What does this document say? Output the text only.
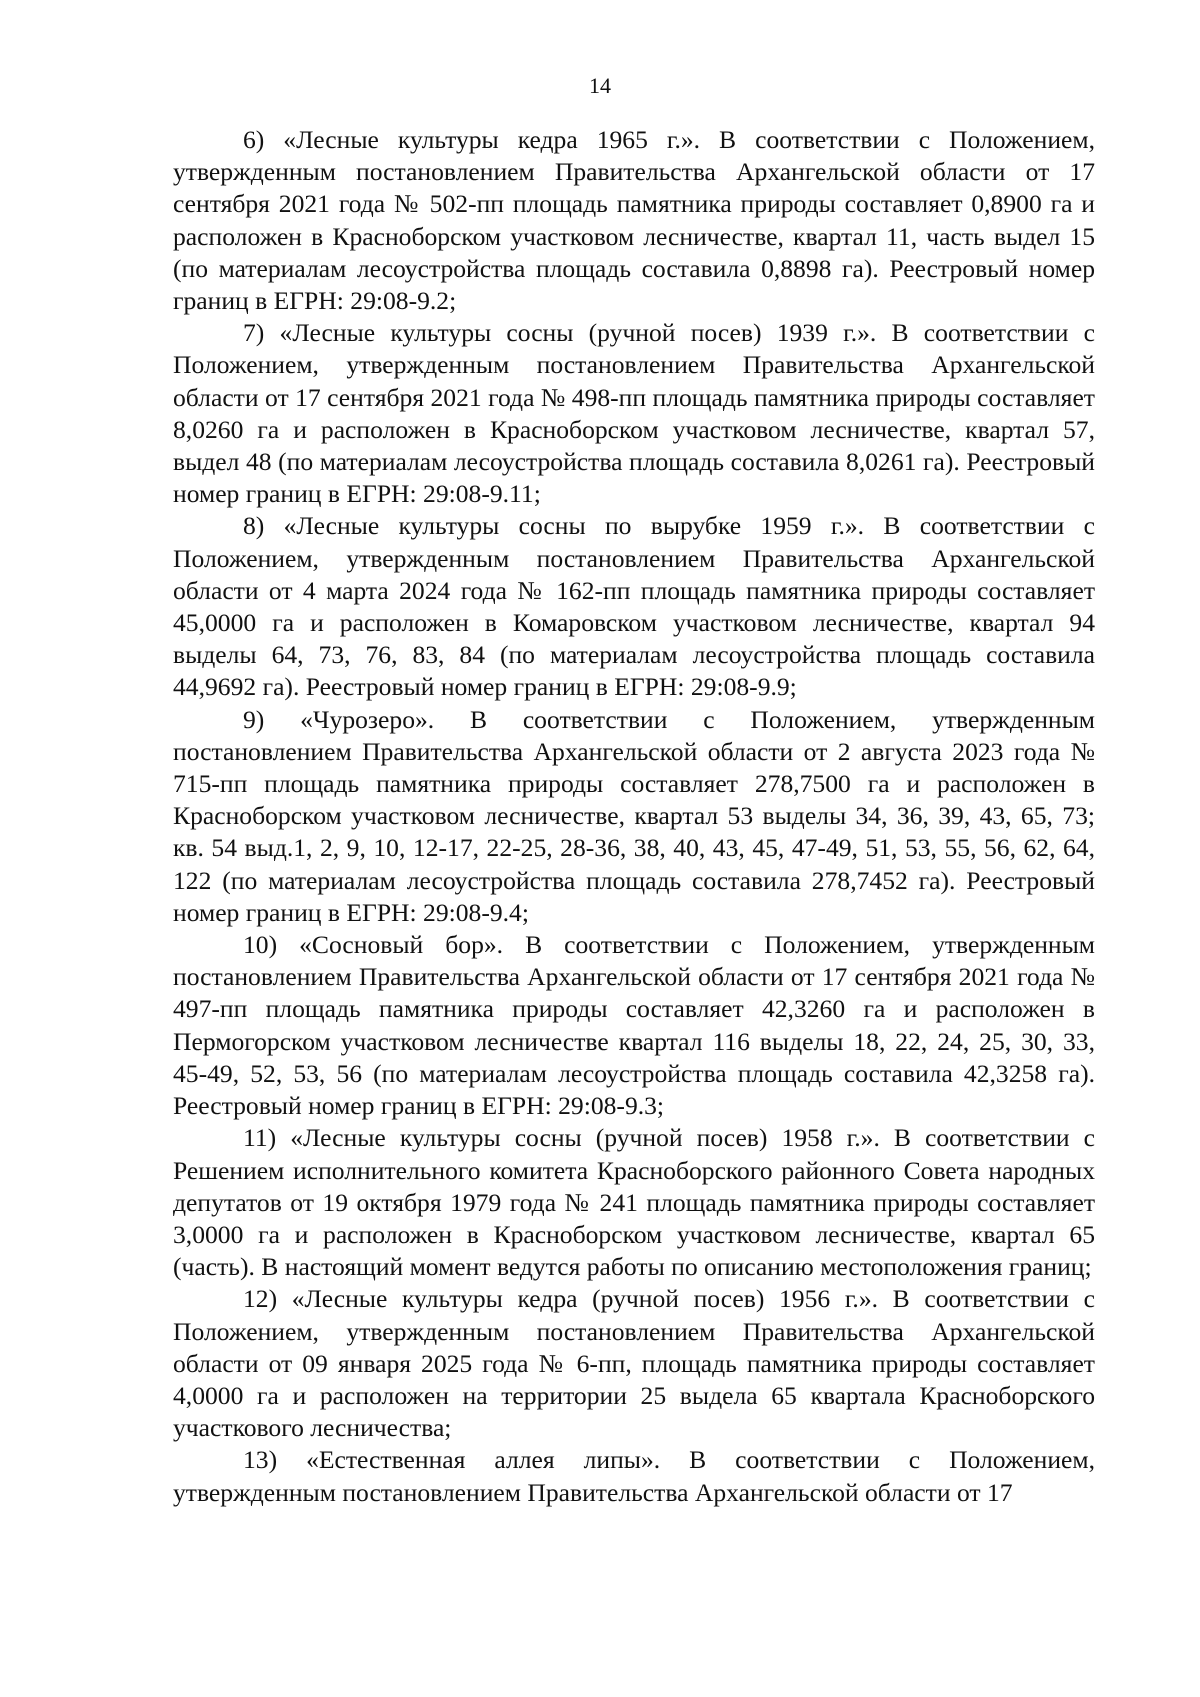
14

6) «Лесные культуры кедра 1965 г.». В соответствии с Положением, утвержденным постановлением Правительства Архангельской области от 17 сентября 2021 года № 502-пп площадь памятника природы составляет 0,8900 га и расположен в Красноборском участковом лесничестве, квартал 11, часть выдел 15 (по материалам лесоустройства площадь составила 0,8898 га). Реестровый номер границ в ЕГРН: 29:08-9.2;

7) «Лесные культуры сосны (ручной посев) 1939 г.». В соответствии с Положением, утвержденным постановлением Правительства Архангельской области от 17 сентября 2021 года № 498-пп площадь памятника природы составляет 8,0260 га и расположен в Красноборском участковом лесничестве, квартал 57, выдел 48 (по материалам лесоустройства площадь составила 8,0261 га). Реестровый номер границ в ЕГРН: 29:08-9.11;

8) «Лесные культуры сосны по вырубке 1959 г.». В соответствии с Положением, утвержденным постановлением Правительства Архангельской области от 4 марта 2024 года № 162-пп площадь памятника природы составляет 45,0000 га и расположен в Комаровском участковом лесничестве, квартал 94 выделы 64, 73, 76, 83, 84 (по материалам лесоустройства площадь составила 44,9692 га). Реестровый номер границ в ЕГРН: 29:08-9.9;

9) «Чурозеро». В соответствии с Положением, утвержденным постановлением Правительства Архангельской области от 2 августа 2023 года № 715-пп площадь памятника природы составляет 278,7500 га и расположен в Красноборском участковом лесничестве, квартал 53 выделы 34, 36, 39, 43, 65, 73; кв. 54 выд.1, 2, 9, 10, 12-17, 22-25, 28-36, 38, 40, 43, 45, 47-49, 51, 53, 55, 56, 62, 64, 122 (по материалам лесоустройства площадь составила 278,7452 га). Реестровый номер границ в ЕГРН: 29:08-9.4;

10) «Сосновый бор». В соответствии с Положением, утвержденным постановлением Правительства Архангельской области от 17 сентября 2021 года № 497-пп площадь памятника природы составляет 42,3260 га и расположен в Пермогорском участковом лесничестве квартал 116 выделы 18, 22, 24, 25, 30, 33, 45-49, 52, 53, 56 (по материалам лесоустройства площадь составила 42,3258 га). Реестровый номер границ в ЕГРН: 29:08-9.3;

11) «Лесные культуры сосны (ручной посев) 1958 г.». В соответствии с Решением исполнительного комитета Красноборского районного Совета народных депутатов от 19 октября 1979 года № 241 площадь памятника природы составляет 3,0000 га и расположен в Красноборском участковом лесничестве, квартал 65 (часть). В настоящий момент ведутся работы по описанию местоположения границ;

12) «Лесные культуры кедра (ручной посев) 1956 г.». В соответствии с Положением, утвержденным постановлением Правительства Архангельской области от 09 января 2025 года № 6-пп, площадь памятника природы составляет 4,0000 га и расположен на территории 25 выдела 65 квартала Красноборского участкового лесничества;

13) «Естественная аллея липы». В соответствии с Положением, утвержденным постановлением Правительства Архангельской области от 17
